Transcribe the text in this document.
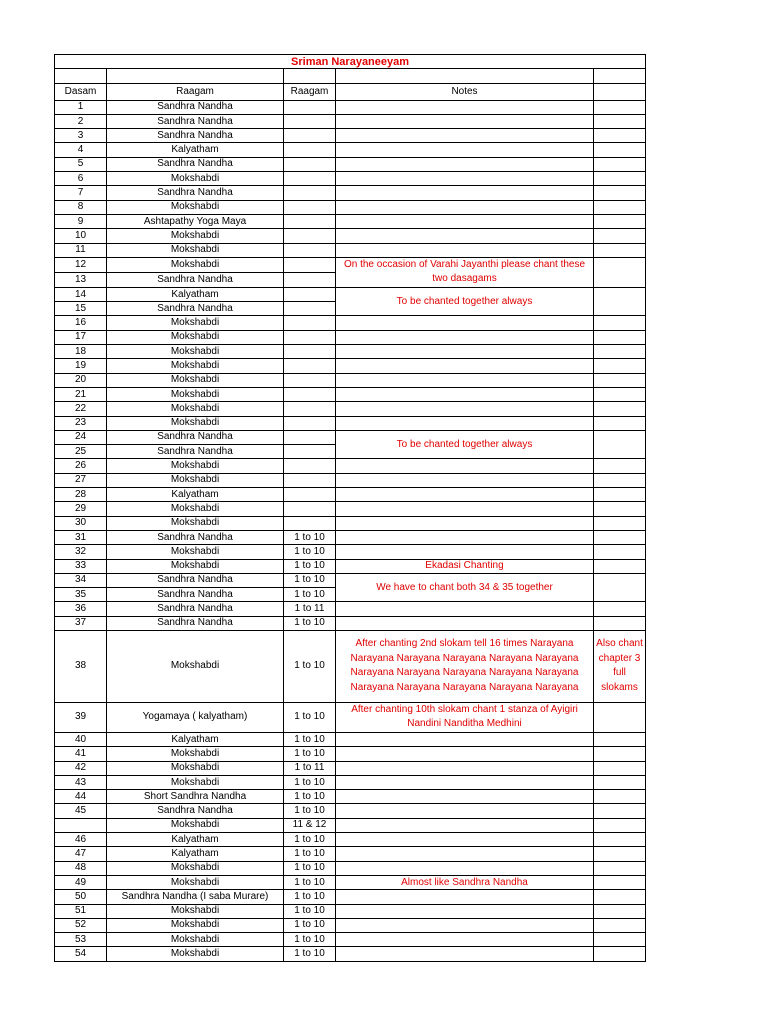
Sriman Narayaneeyam				

Dasam	Raagam	Raagam	Notes	
1	Sandhra Nandha			
2	Sandhra Nandha			
3	Sandhra Nandha			
4	Kalyatham			
5	Sandhra Nandha			
6	Mokshabdi			
7	Sandhra Nandha			
8	Mokshabdi			
9	Ashtapathy Yoga Maya			
10	Mokshabdi			
11	Mokshabdi			
12	Mokshabdi		On the occasion of Varahi Jayanthi please chant these two dasagams	
13	Sandhra Nandha			
14	Kalyatham		To be chanted together always	
15	Sandhra Nandha			
16	Mokshabdi			
17	Mokshabdi			
18	Mokshabdi			
19	Mokshabdi			
20	Mokshabdi			
21	Mokshabdi			
22	Mokshabdi			
23	Mokshabdi			
24	Sandhra Nandha		To be chanted together always	
25	Sandhra Nandha			
26	Mokshabdi			
27	Mokshabdi			
28	Kalyatham			
29	Mokshabdi			
30	Mokshabdi			
31	Sandhra Nandha	1 to 10		
32	Mokshabdi	1 to 10		
33	Mokshabdi	1 to 10	Ekadasi Chanting	
34	Sandhra Nandha	1 to 10	We have to chant both 34 & 35 together	
35	Sandhra Nandha	1 to 10		
36	Sandhra Nandha	1 to 11		
37	Sandhra Nandha	1 to 10		
38	Mokshabdi	1 to 10	After chanting 2nd slokam tell 16 times Narayana Narayana Narayana Narayana Narayana Narayana Narayana Narayana Narayana Narayana Narayana Narayana Narayana Narayana Narayana Narayana	Also chant chapter 3 full slokams
39	Yogamaya ( kalyatham)	1 to 10	After chanting 10th slokam chant 1 stanza of Ayigiri Nandini Nanditha Medhini	
40	Kalyatham	1 to 10		
41	Mokshabdi	1 to 10		
42	Mokshabdi	1 to 11		
43	Mokshabdi	1 to 10		
44	Short Sandhra Nandha	1 to 10		
45	Sandhra Nandha	1 to 10		
	Mokshabdi	11 & 12		
46	Kalyatham	1 to 10		
47	Kalyatham	1 to 10		
48	Mokshabdi	1 to 10		
49	Mokshabdi	1 to 10	Almost like Sandhra Nandha	
50	Sandhra Nandha (I saba Murare)	1 to 10		
51	Mokshabdi	1 to 10		
52	Mokshabdi	1 to 10		
53	Mokshabdi	1 to 10		
54	Mokshabdi	1 to 10		
